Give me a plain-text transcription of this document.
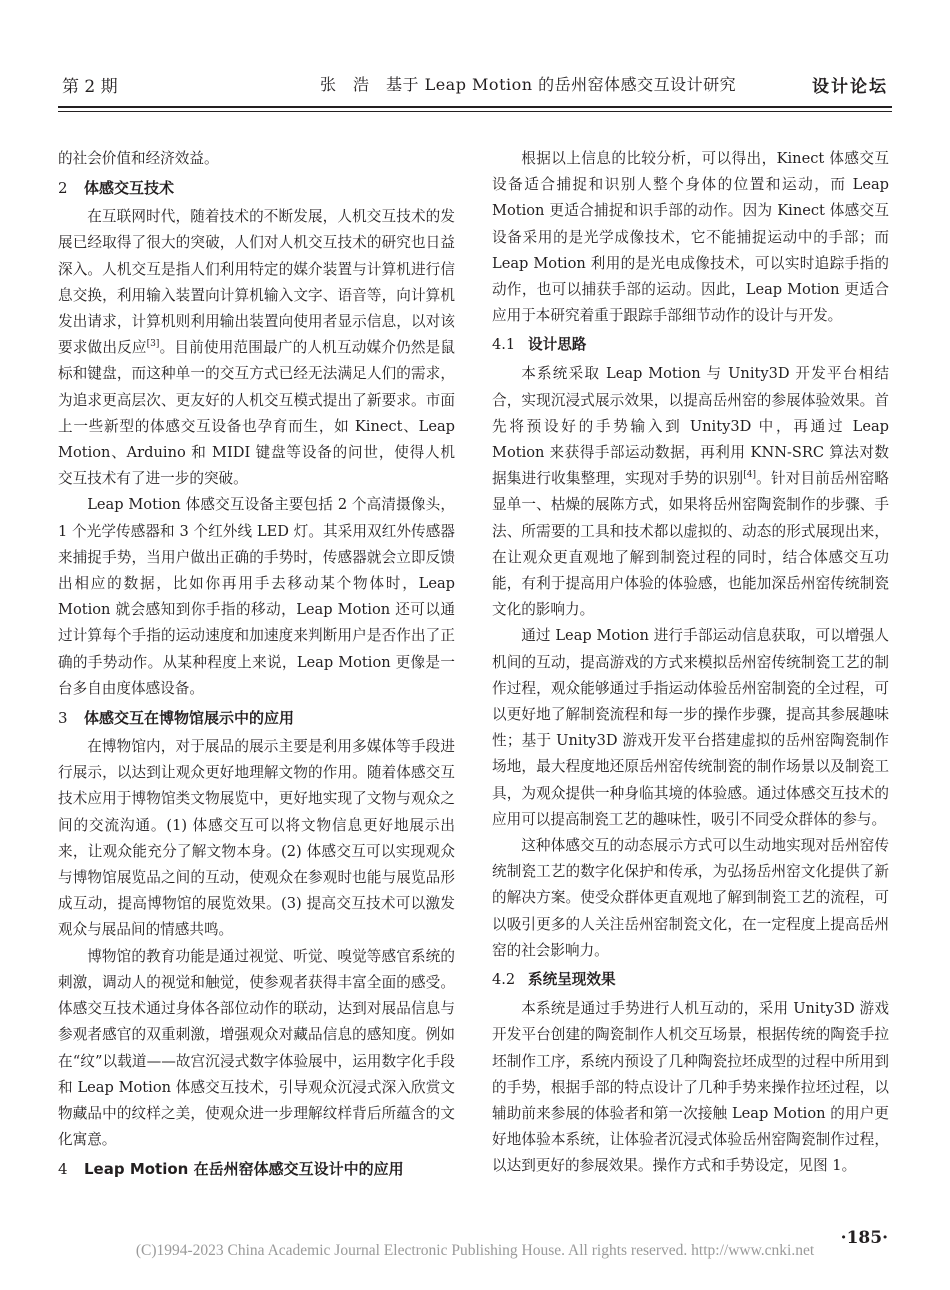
第 2 期	张　浩　基于 Leap Motion 的岳州窑体感交互设计研究	设计论坛

的社会价值和经济效益。

2 体感交互技术

在互联网时代，随着技术的不断发展，人机交互技术的发展已经取得了很大的突破，人们对人机交互技术的研究也日益深入。人机交互是指人们利用特定的媒介装置与计算机进行信息交换，利用输入装置向计算机输入文字、语音等，向计算机发出请求，计算机则利用输出装置向使用者显示信息，以对该要求做出反应[3]。目前使用范围最广的人机互动媒介仍然是鼠标和键盘，而这种单一的交互方式已经无法满足人们的需求，为追求更高层次、更友好的人机交互模式提出了新要求。市面上一些新型的体感交互设备也孕育而生，如 Kinect、Leap Motion、Arduino 和 MIDI 键盘等设备的问世，使得人机交互技术有了进一步的突破。

Leap Motion 体感交互设备主要包括 2 个高清摄像头，1 个光学传感器和 3 个红外线 LED 灯。其采用双红外传感器来捕捉手势，当用户做出正确的手势时，传感器就会立即反馈出相应的数据，比如你再用手去移动某个物体时，Leap Motion 就会感知到你手指的移动，Leap Motion 还可以通过计算每个手指的运动速度和加速度来判断用户是否作出了正确的手势动作。从某种程度上来说，Leap Motion 更像是一台多自由度体感设备。

3 体感交互在博物馆展示中的应用

在博物馆内，对于展品的展示主要是利用多媒体等手段进行展示，以达到让观众更好地理解文物的作用。随着体感交互技术应用于博物馆类文物展览中，更好地实现了文物与观众之间的交流沟通。(1) 体感交互可以将文物信息更好地展示出来，让观众能充分了解文物本身。(2) 体感交互可以实现观众与博物馆展览品之间的互动，使观众在参观时也能与展览品形成互动，提高博物馆的展览效果。(3) 提高交互技术可以激发观众与展品间的情感共鸣。

博物馆的教育功能是通过视觉、听觉、嗅觉等感官系统的刺激，调动人的视觉和触觉，使参观者获得丰富全面的感受。体感交互技术通过身体各部位动作的联动，达到对展品信息与参观者感官的双重刺激，增强观众对藏品信息的感知度。例如在“纹”以载道——故宫沉浸式数字体验展中，运用数字化手段和 Leap Motion 体感交互技术，引导观众沉浸式深入欣赏文物藏品中的纹样之美，使观众进一步理解纹样背后所蕴含的文化寓意。

4 Leap Motion 在岳州窑体感交互设计中的应用

根据以上信息的比较分析，可以得出，Kinect 体感交互设备适合捕捉和识别人整个身体的位置和运动，而 Leap Motion 更适合捕捉和识手部的动作。因为 Kinect 体感交互设备采用的是光学成像技术，它不能捕捉运动中的手部；而 Leap Motion 利用的是光电成像技术，可以实时追踪手指的动作，也可以捕获手部的运动。因此，Leap Motion 更适合应用于本研究着重于跟踪手部细节动作的设计与开发。

4.1 设计思路

本系统采取 Leap Motion 与 Unity3D 开发平台相结合，实现沉浸式展示效果，以提高岳州窑的参展体验效果。首先将预设好的手势输入到 Unity3D 中，再通过 Leap Motion 来获得手部运动数据，再利用 KNN-SRC 算法对数据集进行收集整理，实现对手势的识别[4]。针对目前岳州窑略显单一、枯燥的展陈方式，如果将岳州窑陶瓷制作的步骤、手法、所需要的工具和技术都以虚拟的、动态的形式展现出来，在让观众更直观地了解到制瓷过程的同时，结合体感交互功能，有利于提高用户体验的体验感，也能加深岳州窑传统制瓷文化的影响力。

通过 Leap Motion 进行手部运动信息获取，可以增强人机间的互动，提高游戏的方式来模拟岳州窑传统制瓷工艺的制作过程，观众能够通过手指运动体验岳州窑制瓷的全过程，可以更好地了解制瓷流程和每一步的操作步骤，提高其参展趣味性；基于 Unity3D 游戏开发平台搭建虚拟的岳州窑陶瓷制作场地，最大程度地还原岳州窑传统制瓷的制作场景以及制瓷工具，为观众提供一种身临其境的体验感。通过体感交互技术的应用可以提高制瓷工艺的趣味性，吸引不同受众群体的参与。

这种体感交互的动态展示方式可以生动地实现对岳州窑传统制瓷工艺的数字化保护和传承，为弘扬岳州窑文化提供了新的解决方案。使受众群体更直观地了解到制瓷工艺的流程，可以吸引更多的人关注岳州窑制瓷文化，在一定程度上提高岳州窑的社会影响力。

4.2 系统呈现效果

本系统是通过手势进行人机互动的，采用 Unity3D 游戏开发平台创建的陶瓷制作人机交互场景，根据传统的陶瓷手拉坯制作工序，系统内预设了几种陶瓷拉坯成型的过程中所用到的手势，根据手部的特点设计了几种手势来操作拉坯过程，以辅助前来参展的体验者和第一次接触 Leap Motion 的用户更好地体验本系统，让体验者沉浸式体验岳州窑陶瓷制作过程，以达到更好的参展效果。操作方式和手势设定，见图 1。

·185·
(C)1994-2023 China Academic Journal Electronic Publishing House. All rights reserved. http://www.cnki.net
